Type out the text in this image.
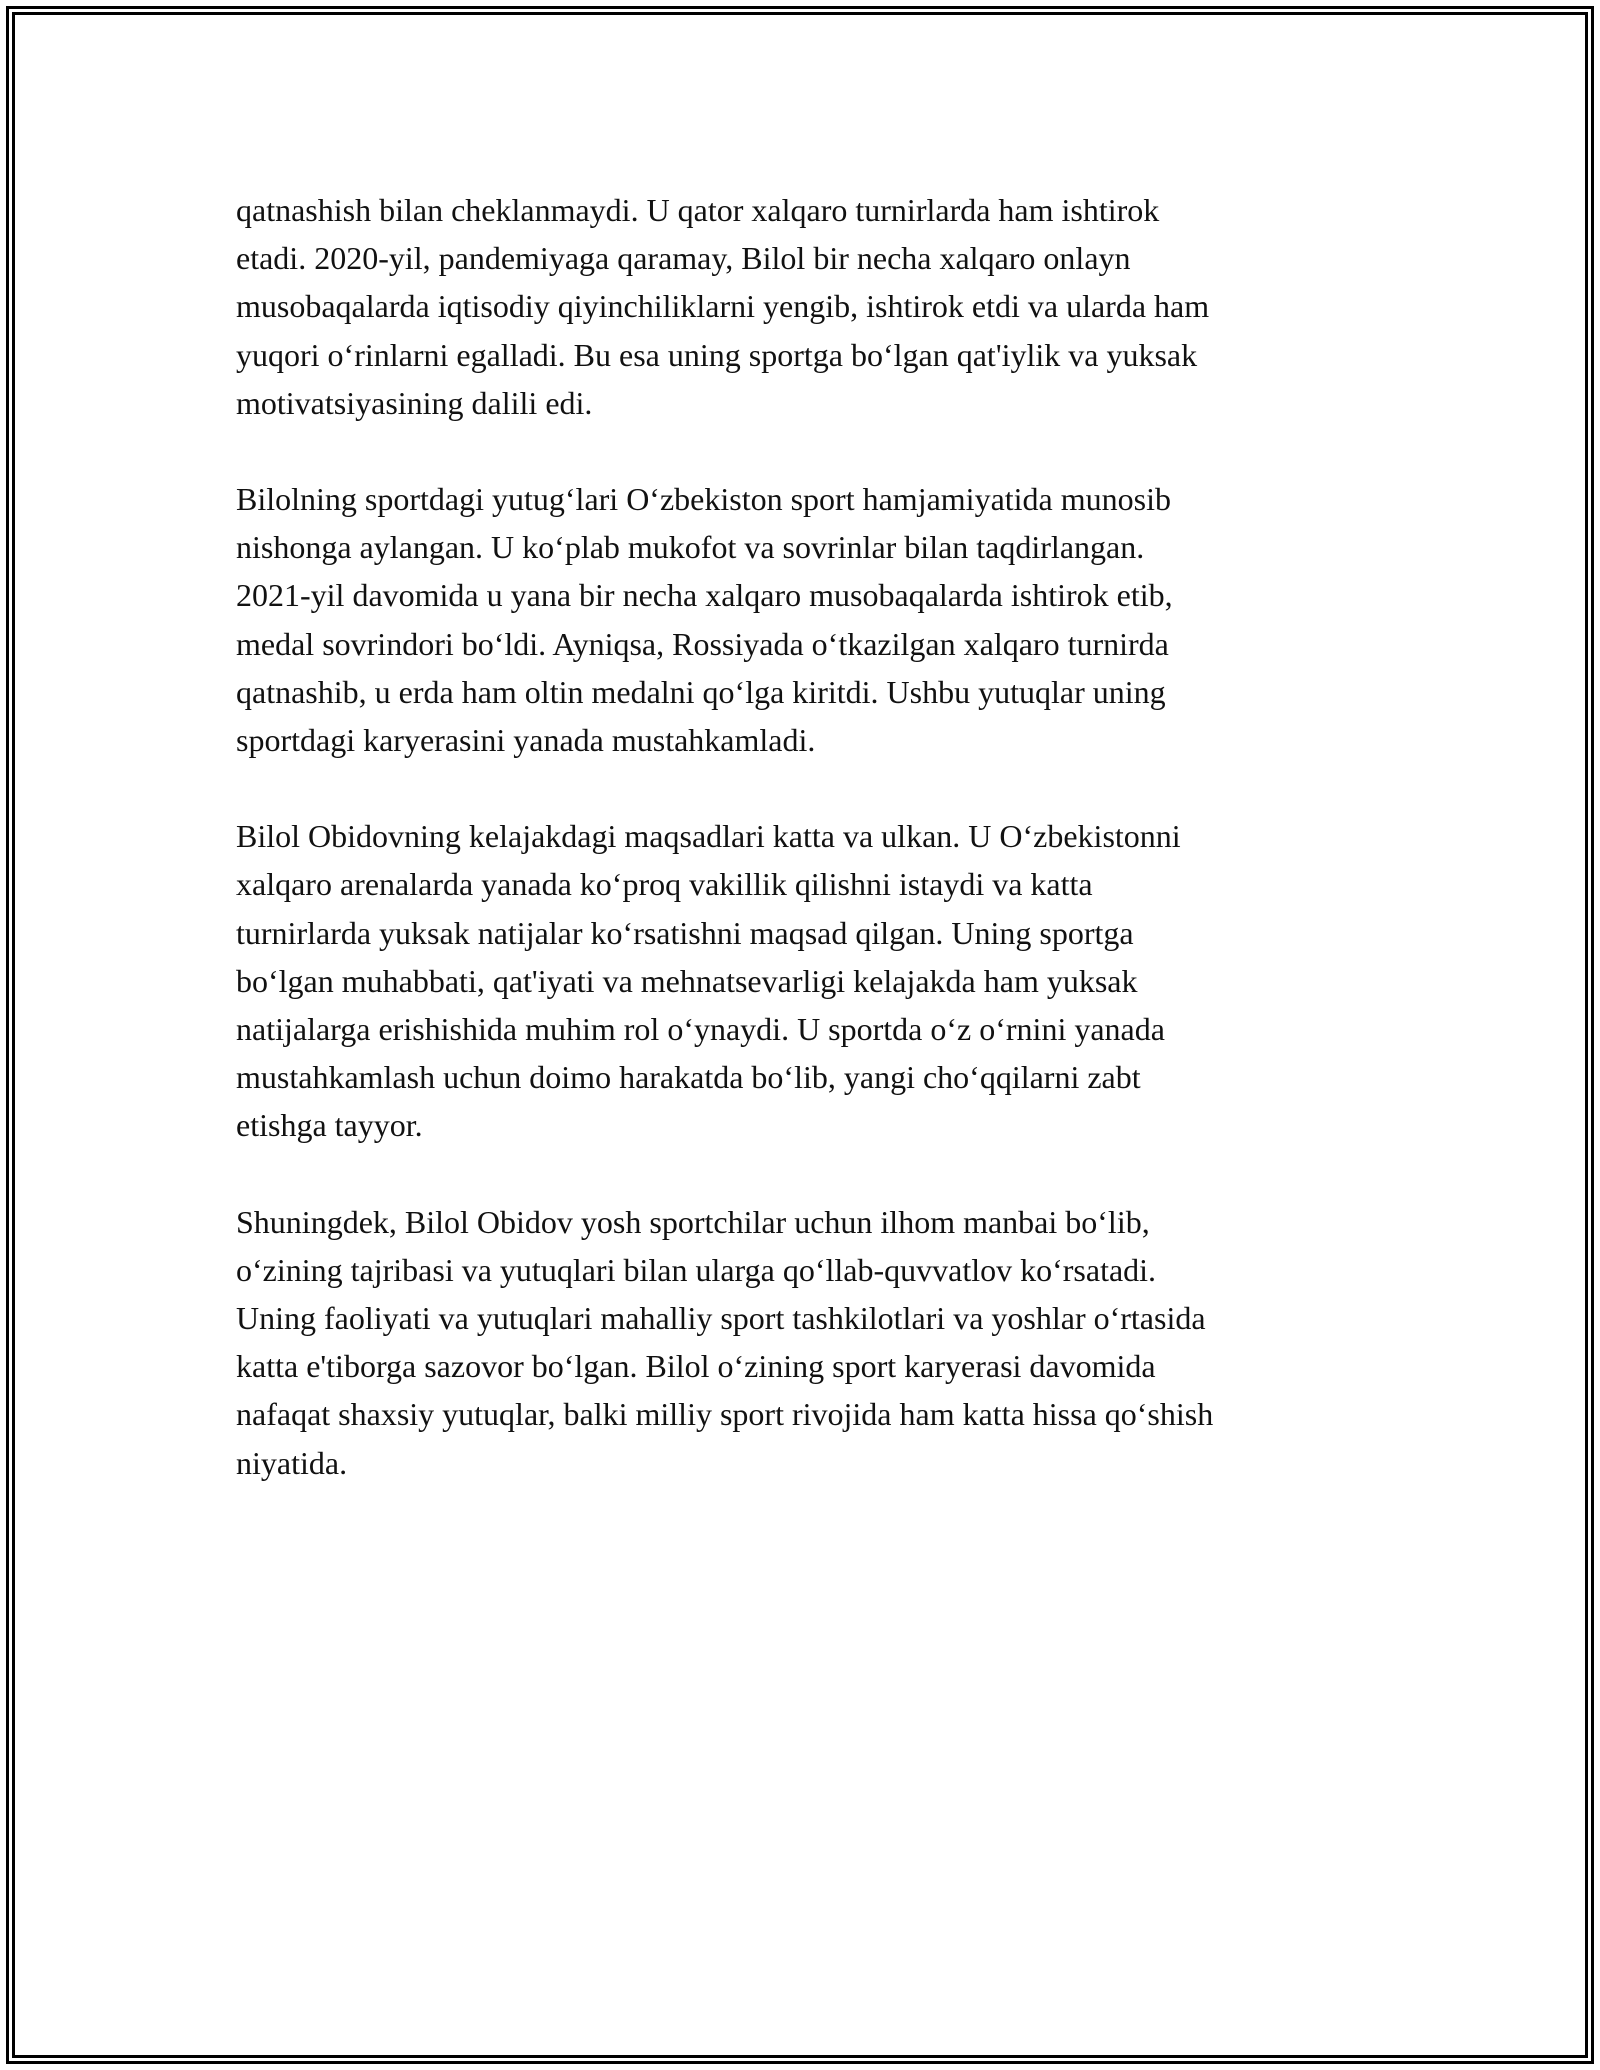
qatnashish bilan cheklanmaydi. U qator xalqaro turnirlarda ham ishtirok
etadi. 2020-yil, pandemiyaga qaramay, Bilol bir necha xalqaro onlayn
musobaqalarda iqtisodiy qiyinchiliklarni yengib, ishtirok etdi va ularda ham
yuqori o‘rinlarni egalladi. Bu esa uning sportga bo‘lgan qat'iylik va yuksak
motivatsiyasining dalili edi.

Bilolning sportdagi yutug‘lari O‘zbekiston sport hamjamiyatida munosib
nishonga aylangan. U ko‘plab mukofot va sovrinlar bilan taqdirlangan.
2021-yil davomida u yana bir necha xalqaro musobaqalarda ishtirok etib,
medal sovrindori bo‘ldi. Ayniqsa, Rossiyada o‘tkazilgan xalqaro turnirda
qatnashib, u erda ham oltin medalni qo‘lga kiritdi. Ushbu yutuqlar uning
sportdagi karyerasini yanada mustahkamladi.

Bilol Obidovning kelajakdagi maqsadlari katta va ulkan. U O‘zbekistonni
xalqaro arenalarda yanada ko‘proq vakillik qilishni istaydi va katta
turnirlarda yuksak natijalar ko‘rsatishni maqsad qilgan. Uning sportga
bo‘lgan muhabbati, qat'iyati va mehnatsevarligi kelajakda ham yuksak
natijalarga erishishida muhim rol o‘ynaydi. U sportda o‘z o‘rnini yanada
mustahkamlash uchun doimo harakatda bo‘lib, yangi cho‘qqilarni zabt
etishga tayyor.

Shuningdek, Bilol Obidov yosh sportchilar uchun ilhom manbai bo‘lib,
o‘zining tajribasi va yutuqlari bilan ularga qo‘llab-quvvatlov ko‘rsatadi.
Uning faoliyati va yutuqlari mahalliy sport tashkilotlari va yoshlar o‘rtasida
katta e'tiborga sazovor bo‘lgan. Bilol o‘zining sport karyerasi davomida
nafaqat shaxsiy yutuqlar, balki milliy sport rivojida ham katta hissa qo‘shish
niyatida.
